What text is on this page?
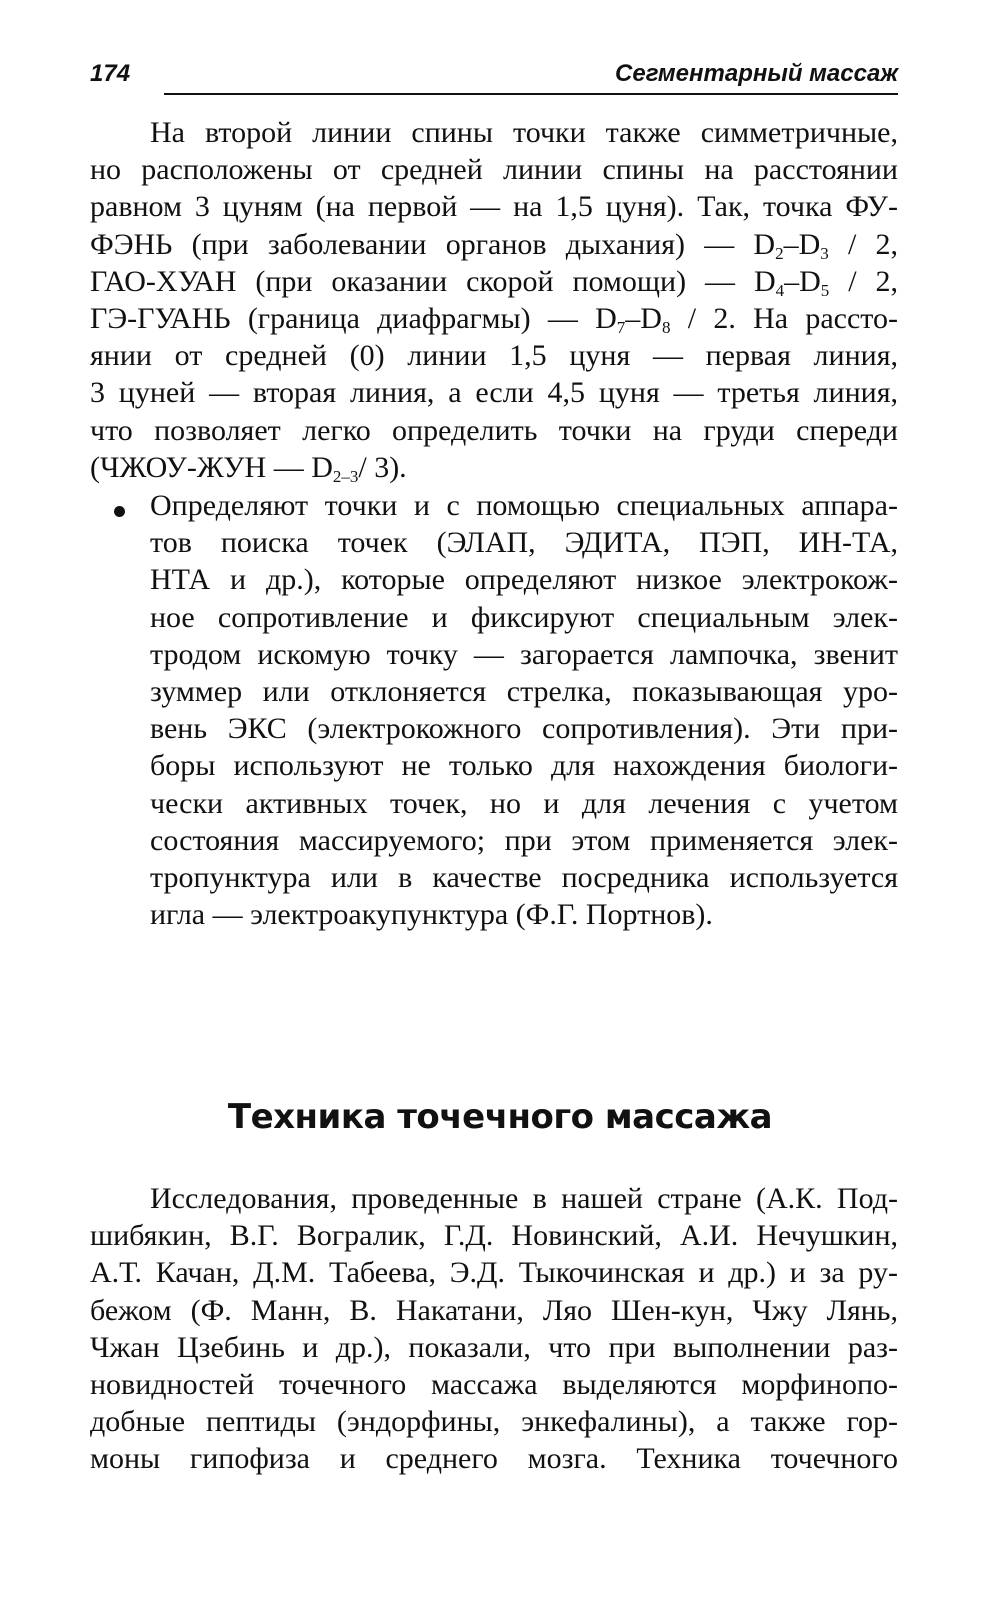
174	Сегментарный массаж
На второй линии спины точки также симметричные,
но расположены от средней линии спины на расстоянии
равном 3 цуням (на первой — на 1,5 цуня). Так, точка ФУ-
ФЭНЬ (при заболевании органов дыхания) — $D_2-D_3 / 2$,
ГАО-ХУАН (при оказании скорой помощи) — $D_4-D_5 / 2$,
ГЭ-ГУАНЬ (граница диафрагмы) — $D_7-D_8 / 2$. На рассто-
янии от средней (0) линии 1,5 цуня — первая линия,
3 цуней — вторая линия, а если 4,5 цуня — третья линия,
что позволяет легко определить точки на груди спереди
(ЧЖОУ-ЖУН — $D_{2-3}/$ 3).
Определяют точки и с помощью специальных аппара-
тов поиска точек (ЭЛАП, ЭДИТА, ПЭП, ИН-ТА,
НТА и др.), которые определяют низкое электрокож-
ное сопротивление и фиксируют специальным элек-
тродом искомую точку — загорается лампочка, звенит
зуммер или отклоняется стрелка, показывающая уро-
вень ЭКС (электрокожного сопротивления). Эти при-
боры используют не только для нахождения биологи-
чески активных точек, но и для лечения с учетом
состояния массируемого; при этом применяется элек-
тропунктура или в качестве посредника используется
игла — электроакупунктура (Ф.Г. Портнов).
Техника точечного массажа
Исследования, проведенные в нашей стране (А.К. Под-
шибякин, В.Г. Вогралик, Г.Д. Новинский, А.И. Нечушкин,
А.Т. Качан, Д.М. Табеева, Э.Д. Тыкочинская и др.) и за ру-
бежом (Ф. Манн, В. Накатани, Ляо Шен-кун, Чжу Лянь,
Чжан Цзебинь и др.), показали, что при выполнении раз-
новидностей точечного массажа выделяются морфинопо-
добные пептиды (эндорфины, энкефалины), а также гор-
моны гипофиза и среднего мозга. Техника точечного
